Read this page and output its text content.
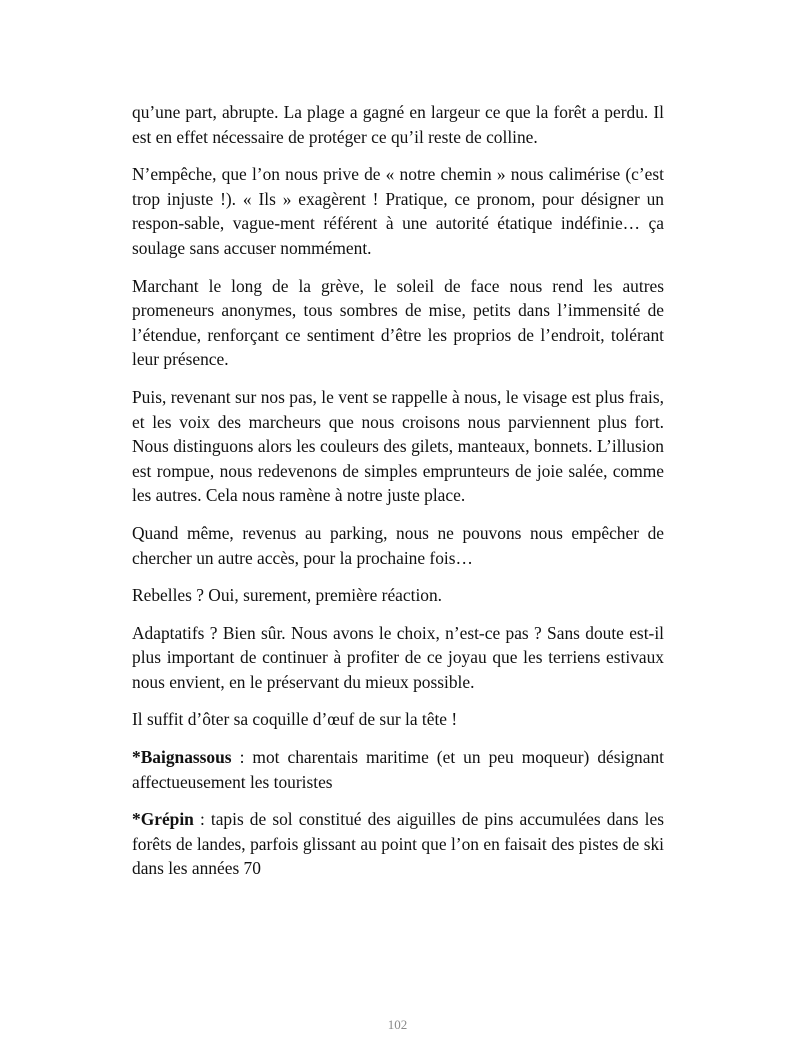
qu’une part, abrupte. La plage a gagné en largeur ce que la forêt a perdu. Il est en effet nécessaire de protéger ce qu’il reste de colline.

N’empêche, que l’on nous prive de « notre chemin » nous calimérise (c’est trop injuste !). « Ils » exagèrent ! Pratique, ce pronom, pour désigner un respon-sable, vague-ment référent à une autorité étatique indéfinie… ça soulage sans accuser nommément.

Marchant le long de la grève, le soleil de face nous rend les autres promeneurs anonymes, tous sombres de mise, petits dans l’immensité de l’étendue, renforçant ce sentiment d’être les proprios de l’endroit, tolérant leur présence.

Puis, revenant sur nos pas, le vent se rappelle à nous, le visage est plus frais, et les voix des marcheurs que nous croisons nous parviennent plus fort. Nous distinguons alors les couleurs des gilets, manteaux, bonnets. L’illusion est rompue, nous redevenons de simples emprunteurs de joie salée, comme les autres. Cela nous ramène à notre juste place.

Quand même, revenus au parking, nous ne pouvons nous empêcher de chercher un autre accès, pour la prochaine fois…

Rebelles ? Oui, surement, première réaction.

Adaptatifs ? Bien sûr. Nous avons le choix, n’est-ce pas ? Sans doute est-il plus important de continuer à profiter de ce joyau que les terriens estivaux nous envient, en le préservant du mieux possible.

Il suffit d’ôter sa coquille d’œuf de sur la tête !

*Baignassous : mot charentais maritime (et un peu moqueur) désignant affectueusement les touristes

*Grépin : tapis de sol constitué des aiguilles de pins accumulées dans les forêts de landes, parfois glissant au point que l’on en faisait des pistes de ski dans les années 70

102
